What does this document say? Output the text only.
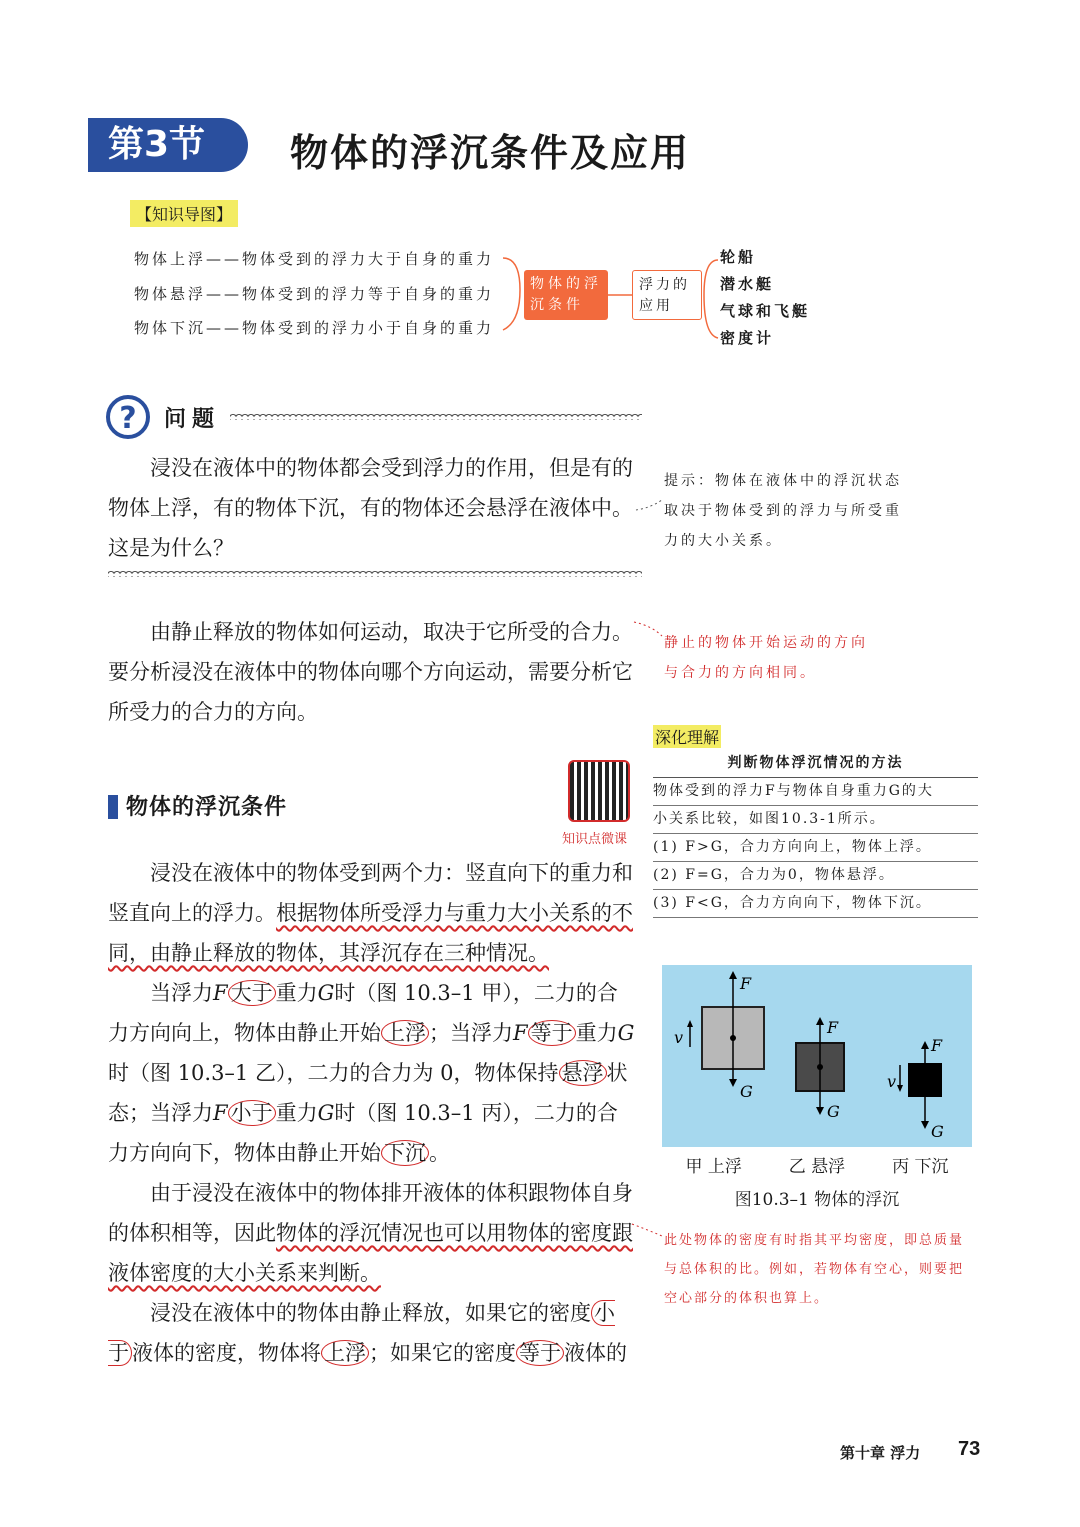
第3节	物体的浮沉条件及应用
【知识导图】
物体上浮——物体受到的浮力大于自身的重力
物体悬浮——物体受到的浮力等于自身的重力
物体下沉——物体受到的浮力小于自身的重力
物体的浮
沉条件
浮力的
应用
轮船
潜水艇
气球和飞艇
密度计
?	问题

浸没在液体中的物体都会受到浮力的作用，但是有的物体上浮，有的物体下沉，有的物体还会悬浮在液体中。这是为什么？

提示：物体在液体中的浮沉状态取决于物体受到的浮力与所受重力的大小关系。

由静止释放的物体如何运动，取决于它所受的合力。要分析浸没在液体中的物体向哪个方向运动，需要分析它所受力的合力的方向。

静止的物体开始运动的方向与合力的方向相同。
物体的浮沉条件
知识点微课

浸没在液体中的物体受到两个力：竖直向下的重力和竖直向上的浮力。根据物体所受浮力与重力大小关系的不同，由静止释放的物体，其浮沉存在三种情况。

当浮力F 大于 重力G时（图 10.3–1 甲），二力的合力方向向上，物体由静止开始 上浮 ；当浮力F 等于 重力G时（图 10.3–1 乙），二力的合力为 0，物体保持 悬浮 状态；当浮力F 小于 重力G时（图 10.3–1 丙），二力的合力方向向下，物体由静止开始 下沉 。

由于浸没在液体中的物体排开液体的体积跟物体自身的体积相等，因此物体的浮沉情况也可以用物体的密度跟液体密度的大小关系来判断。

浸没在液体中的物体由静止释放，如果它的密度 小于 液体的密度，物体将 上浮 ；如果它的密度 等于 液体的

深化理解
判断物体浮沉情况的方法
物体受到的浮力F与物体自身重力G的大
小关系比较，如图10.3-1所示。
(1) F>G，合力方向向上，物体上浮。
(2) F=G，合力为0，物体悬浮。
(3) F<G，合力方向向下，物体下沉。
F
G
v
F
G
F
G
v
甲 上浮	乙 悬浮	丙 下沉
图10.3–1 物体的浮沉
此处物体的密度有时指其平均密度，即总质量与总体积的比。例如，若物体有空心，则要把空心部分的体积也算上。
第十章 浮力 73
